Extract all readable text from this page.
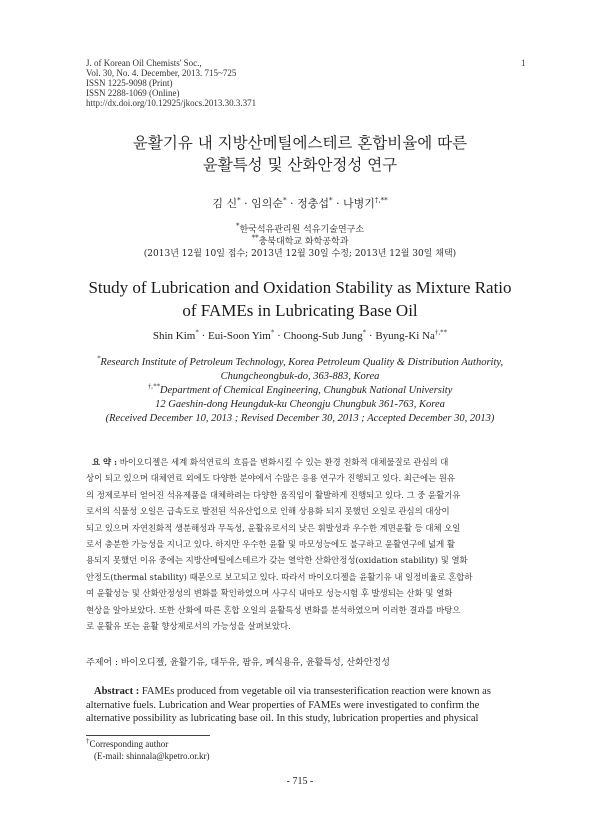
J. of Korean Oil Chemists' Soc.,
Vol. 30, No. 4. December, 2013. 715~725
ISSN 1225-9098 (Print)
ISSN 2288-1069 (Online)
http://dx.doi.org/10.12925/jkocs.2013.30.3.371
1
윤활기유 내 지방산메틸에스테르 혼합비율에 따른
윤활특성 및 산화안정성 연구
김 신* · 임의순* · 정충섭* · 나병기†,**
*한국석유관리원 석유기술연구소
**충북대학교 화학공학과
(2013년 12월 10일 접수; 2013년 12월 30일 수정; 2013년 12월 30일 채택)
Study of Lubrication and Oxidation Stability as Mixture Ratio
of FAMEs in Lubricating Base Oil
Shin Kim* · Eui-Soon Yim* · Choong-Sub Jung* · Byung-Ki Na†,**
*Research Institute of Petroleum Technology, Korea Petroleum Quality & Distribution Authority,
Chungcheongbuk-do, 363-883, Korea
†,**Department of Chemical Engineering, Chungbuk National University
12 Gaeshin-dong Heungduk-ku Cheongju Chungbuk 361-763, Korea
(Received December 10, 2013 ; Revised December 30, 2013 ; Accepted December 30, 2013)
요 약 : 바이오디젤은 세계 화석연료의 흐름을 변화시킬 수 있는 환경 친화적 대체물질로 관심의 대
상이 되고 있으며 대체연료 외에도 다양한 분야에서 수많은 응용 연구가 진행되고 있다. 최근에는 원유
의 정제로부터 얻어진 석유제품을 대체하려는 다양한 움직임이 활발하게 진행되고 있다. 그 중 윤활기유
로서의 식물성 오일은 급속도로 발전된 석유산업으로 인해 상용화 되지 못했던 오일로 관심의 대상이
되고 있으며 자연친화적 생분해성과 무독성, 윤활유로서의 낮은 휘발성과 우수한 계면윤활 등 대체 오일
로서 충분한 가능성을 지니고 있다. 하지만 우수한 윤활 및 마모성능에도 불구하고 윤활연구에 넓게 활
용되지 못했던 이유 중에는 지방산메틸에스테르가 갖는 열악한 산화안정성(oxidation stability) 및 열화
안정도(thermal stability) 때문으로 보고되고 있다. 따라서 바이오디젤을 윤활기유 내 일정비율로 혼합하
여 윤활성능 및 산화안정성의 변화를 확인하였으며 사구식 내마모 성능시험 후 발생되는 산화 및 열화
현상을 알아보았다. 또한 산화에 따른 혼합 오일의 윤활특성 변화를 분석하였으며 이러한 결과를 바탕으
로 윤활유 또는 윤활 향상제로서의 가능성을 살펴보았다.
주제어 : 바이오디젤, 윤활기유, 대두유, 팜유, 폐식용유, 윤활특성, 산화안정성
Abstract : FAMEs produced from vegetable oil via transesterification reaction were known as
alternative fuels. Lubrication and Wear properties of FAMEs were investigated to confirm the
alternative possibility as lubricating base oil. In this study, lubrication properties and physical
†Corresponding author
(E-mail: shinnala@kpetro.or.kr)
- 715 -
